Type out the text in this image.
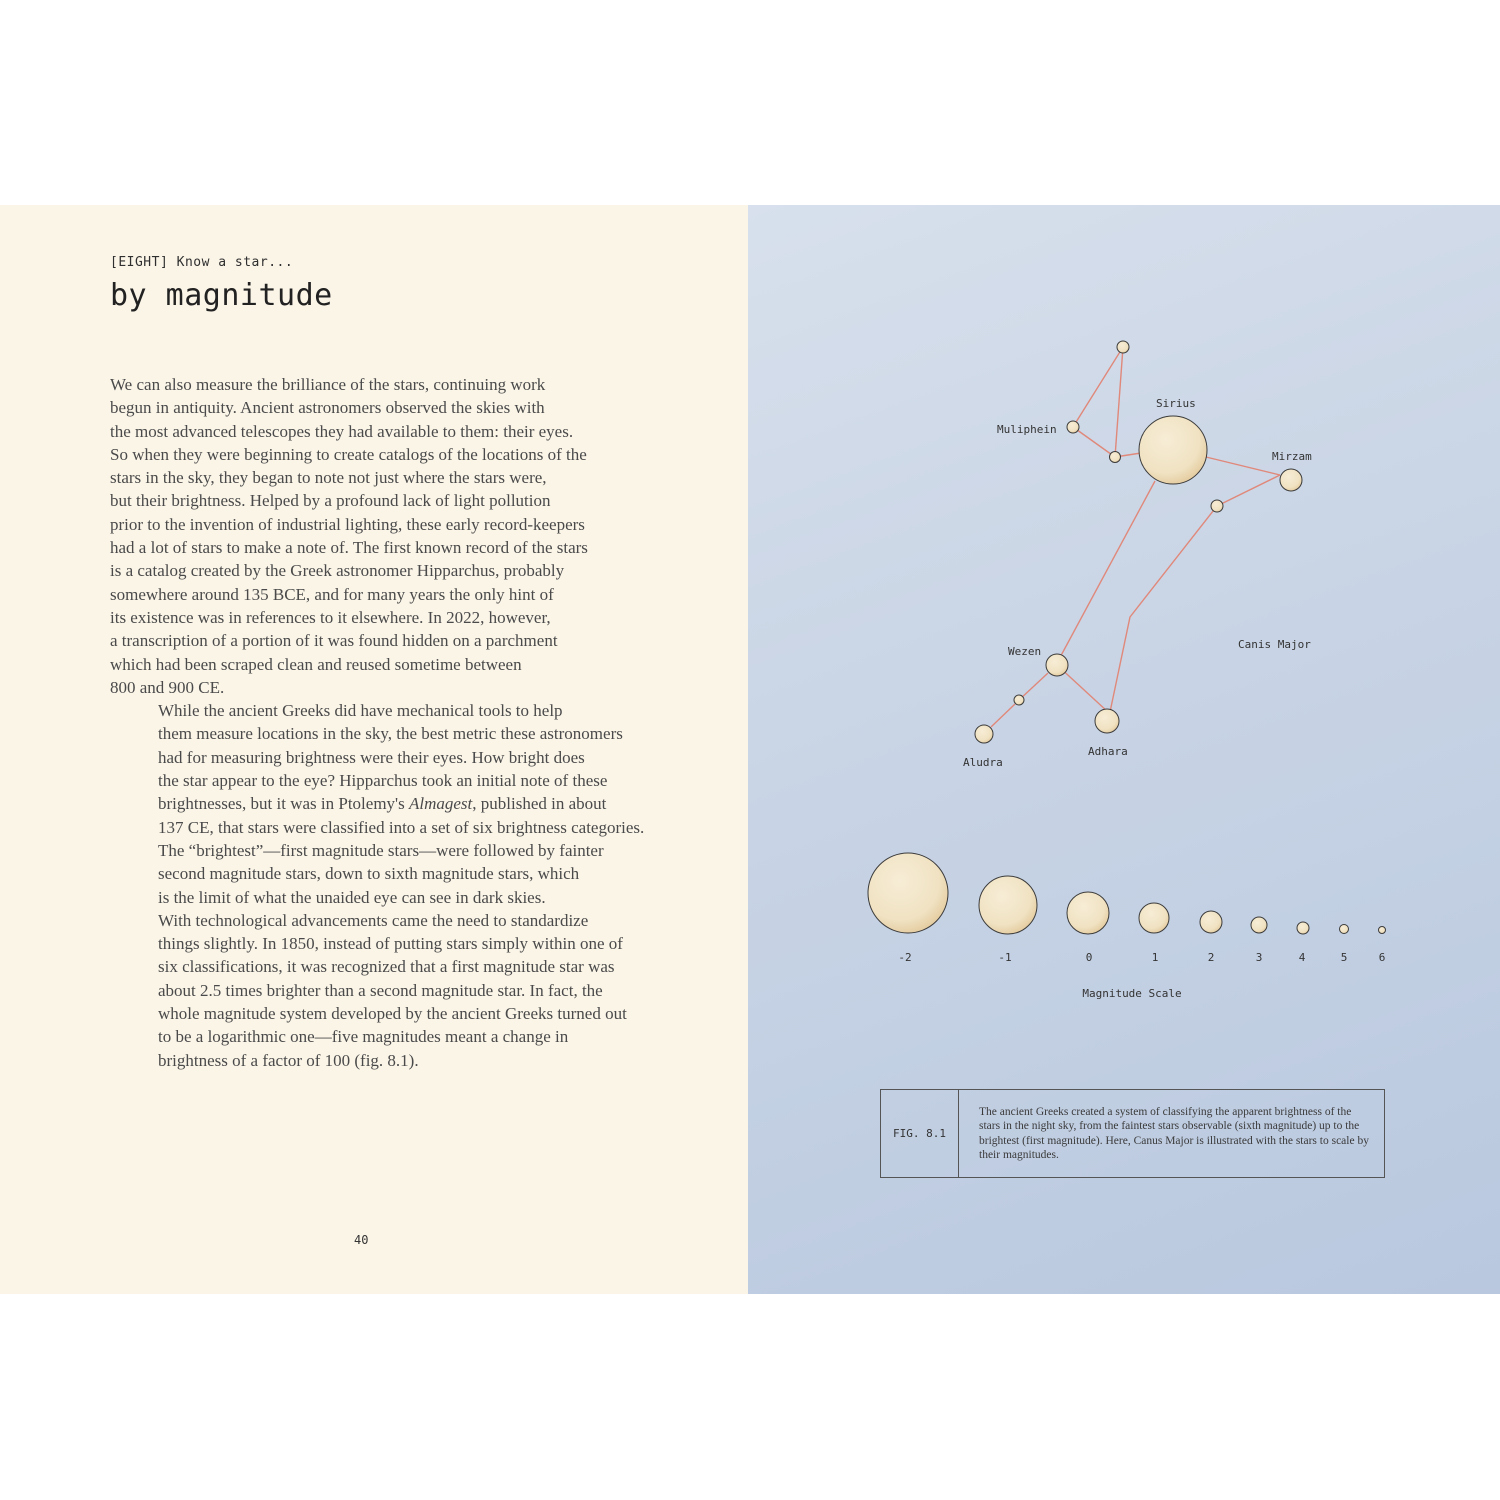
[EIGHT] Know a star...
by magnitude

We can also measure the brilliance of the stars, continuing work
begun in antiquity. Ancient astronomers observed the skies with
the most advanced telescopes they had available to them: their eyes.
So when they were beginning to create catalogs of the locations of the
stars in the sky, they began to note not just where the stars were,
but their brightness. Helped by a profound lack of light pollution
prior to the invention of industrial lighting, these early record-keepers
had a lot of stars to make a note of. The first known record of the stars
is a catalog created by the Greek astronomer Hipparchus, probably
somewhere around 135 BCE, and for many years the only hint of
its existence was in references to it elsewhere. In 2022, however,
a transcription of a portion of it was found hidden on a parchment
which had been scraped clean and reused sometime between
800 and 900 CE.

While the ancient Greeks did have mechanical tools to help
them measure locations in the sky, the best metric these astronomers
had for measuring brightness were their eyes. How bright does
the star appear to the eye? Hipparchus took an initial note of these
brightnesses, but it was in Ptolemy's Almagest, published in about
137 CE, that stars were classified into a set of six brightness categories.
The “brightest”—first magnitude stars—were followed by fainter
second magnitude stars, down to sixth magnitude stars, which
is the limit of what the unaided eye can see in dark skies.

With technological advancements came the need to standardize
things slightly. In 1850, instead of putting stars simply within one of
six classifications, it was recognized that a first magnitude star was
about 2.5 times brighter than a second magnitude star. In fact, the
whole magnitude system developed by the ancient Greeks turned out
to be a logarithmic one—five magnitudes meant a change in
brightness of a factor of 100 (fig. 8.1).

40
Sirius
Muliphein
Mirzam
Wezen
Adhara
Aludra
Canis Major
-2	-1	0	1	2	3	4	5	6
Magnitude Scale
FIG. 8.1
The ancient Greeks created a system of classifying the apparent brightness of the stars in the night sky, from the faintest stars observable (sixth magnitude) up to the brightest (first magnitude). Here, Canus Major is illustrated with the stars to scale by their magnitudes.
